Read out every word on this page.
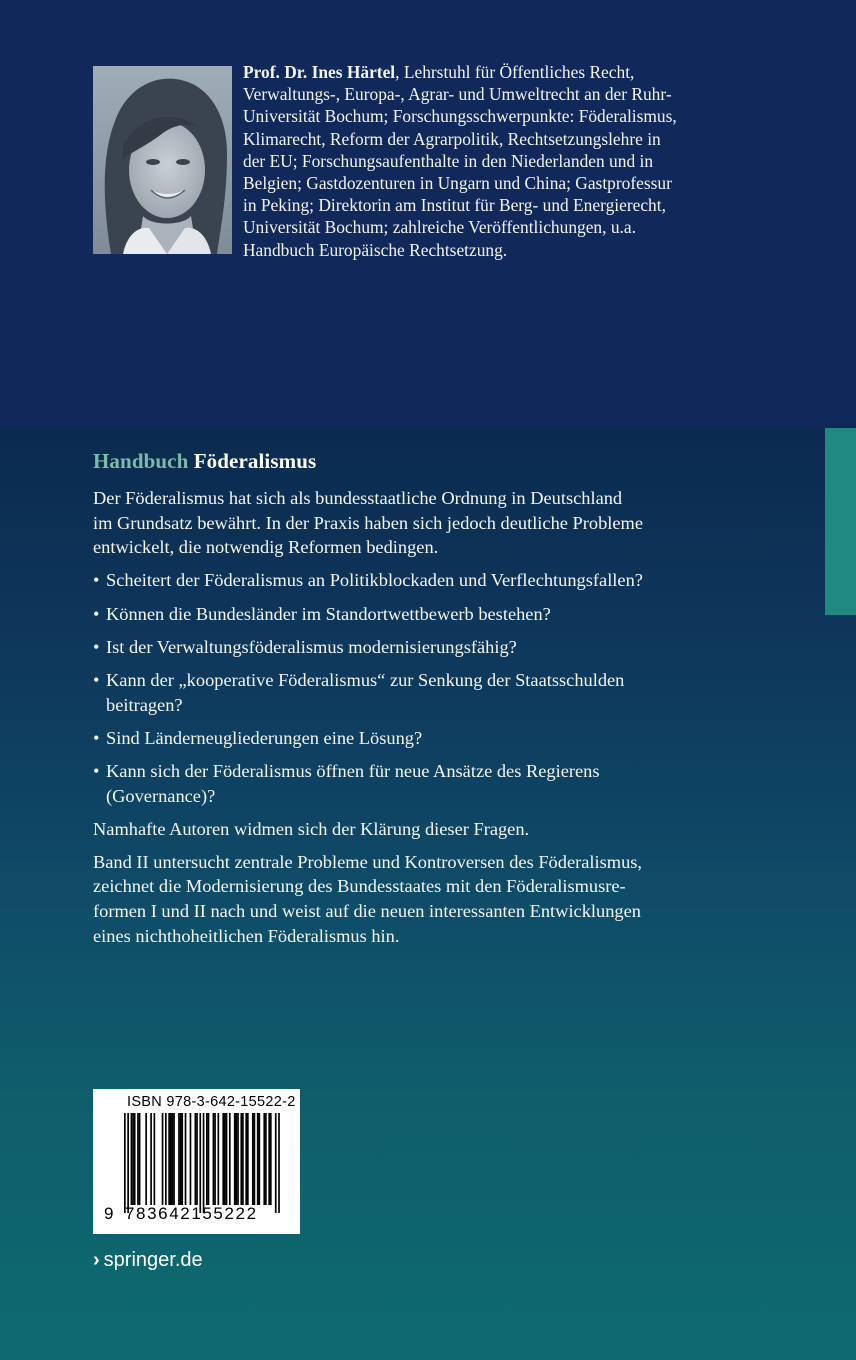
Prof. Dr. Ines Härtel, Lehrstuhl für Öffentliches Recht,
Verwaltungs-, Europa-, Agrar- und Umweltrecht an der Ruhr-
Universität Bochum; Forschungsschwerpunkte: Föderalismus,
Klimarecht, Reform der Agrarpolitik, Rechtsetzungslehre in
der EU; Forschungsaufenthalte in den Niederlanden und in
Belgien; Gastdozenturen in Ungarn und China; Gastprofessur
in Peking; Direktorin am Institut für Berg- und Energierecht,
Universität Bochum; zahlreiche Veröffentlichungen, u.a.
Handbuch Europäische Rechtsetzung.
Handbuch Föderalismus

Der Föderalismus hat sich als bundesstaatliche Ordnung in Deutschland
im Grundsatz bewährt. In der Praxis haben sich jedoch deutliche Probleme
entwickelt, die notwendig Reformen bedingen.

• Scheitert der Föderalismus an Politikblockaden und Verflechtungsfallen?
• Können die Bundesländer im Standortwettbewerb bestehen?
• Ist der Verwaltungsföderalismus modernisierungsfähig?
• Kann der „kooperative Föderalismus“ zur Senkung der Staatsschulden
beitragen?
• Sind Länderneugliederungen eine Lösung?
• Kann sich der Föderalismus öffnen für neue Ansätze des Regierens
(Governance)?

Namhafte Autoren widmen sich der Klärung dieser Fragen.

Band II untersucht zentrale Probleme und Kontroversen des Föderalismus,
zeichnet die Modernisierung des Bundesstaates mit den Föderalismusre-
formen I und II nach und weist auf die neuen interessanten Entwicklungen
eines nichthoheitlichen Föderalismus hin.

ISBN 978-3-642-15522-2
9 783642155222
› springer.de
